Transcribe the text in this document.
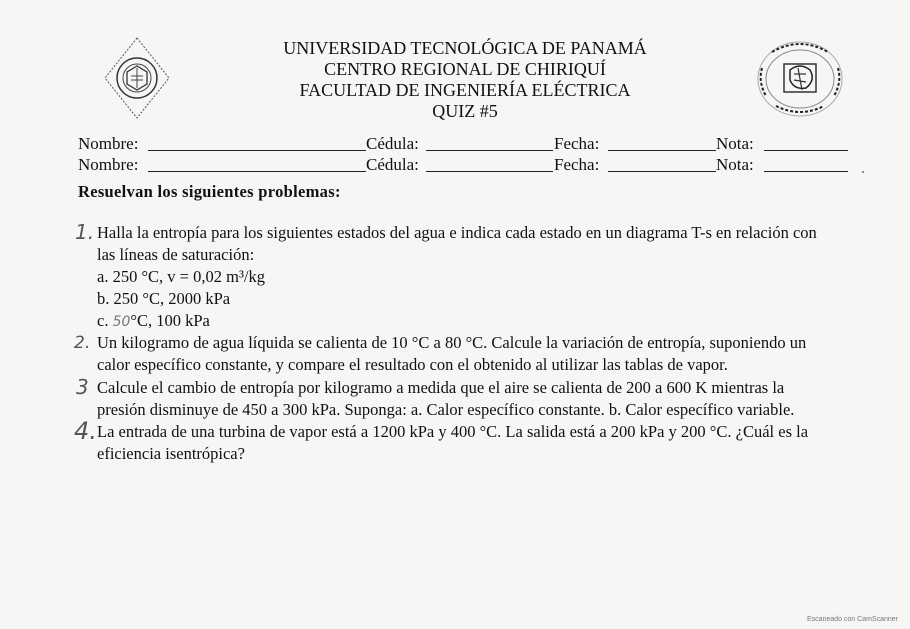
UNIVERSIDAD TECNOLÓGICA DE PANAMÁ
CENTRO REGIONAL DE CHIRIQUÍ
FACULTAD DE INGENIERÍA ELÉCTRICA
QUIZ #5
Nombre:	Cédula:	Fecha:	Nota:
Nombre:	Cédula:	Fecha:	Nota:
Resuelvan los siguientes problemas:
1. Halla la entropía para los siguientes estados del agua e indica cada estado en un diagrama T-s en relación con
las líneas de saturación:
a. 250 °C, v = 0,02 m³/kg
b. 250 °C, 2000 kPa
c. 50°C, 100 kPa
2. Un kilogramo de agua líquida se calienta de 10 °C a 80 °C. Calcule la variación de entropía, suponiendo un
calor específico constante, y compare el resultado con el obtenido al utilizar las tablas de vapor.
3 Calcule el cambio de entropía por kilogramo a medida que el aire se calienta de 200 a 600 K mientras la
presión disminuye de 450 a 300 kPa. Suponga: a. Calor específico constante. b. Calor específico variable.
4. La entrada de una turbina de vapor está a 1200 kPa y 400 °C. La salida está a 200 kPa y 200 °C. ¿Cuál es la
eficiencia isentrópica?
Escaneado con CamScanner
